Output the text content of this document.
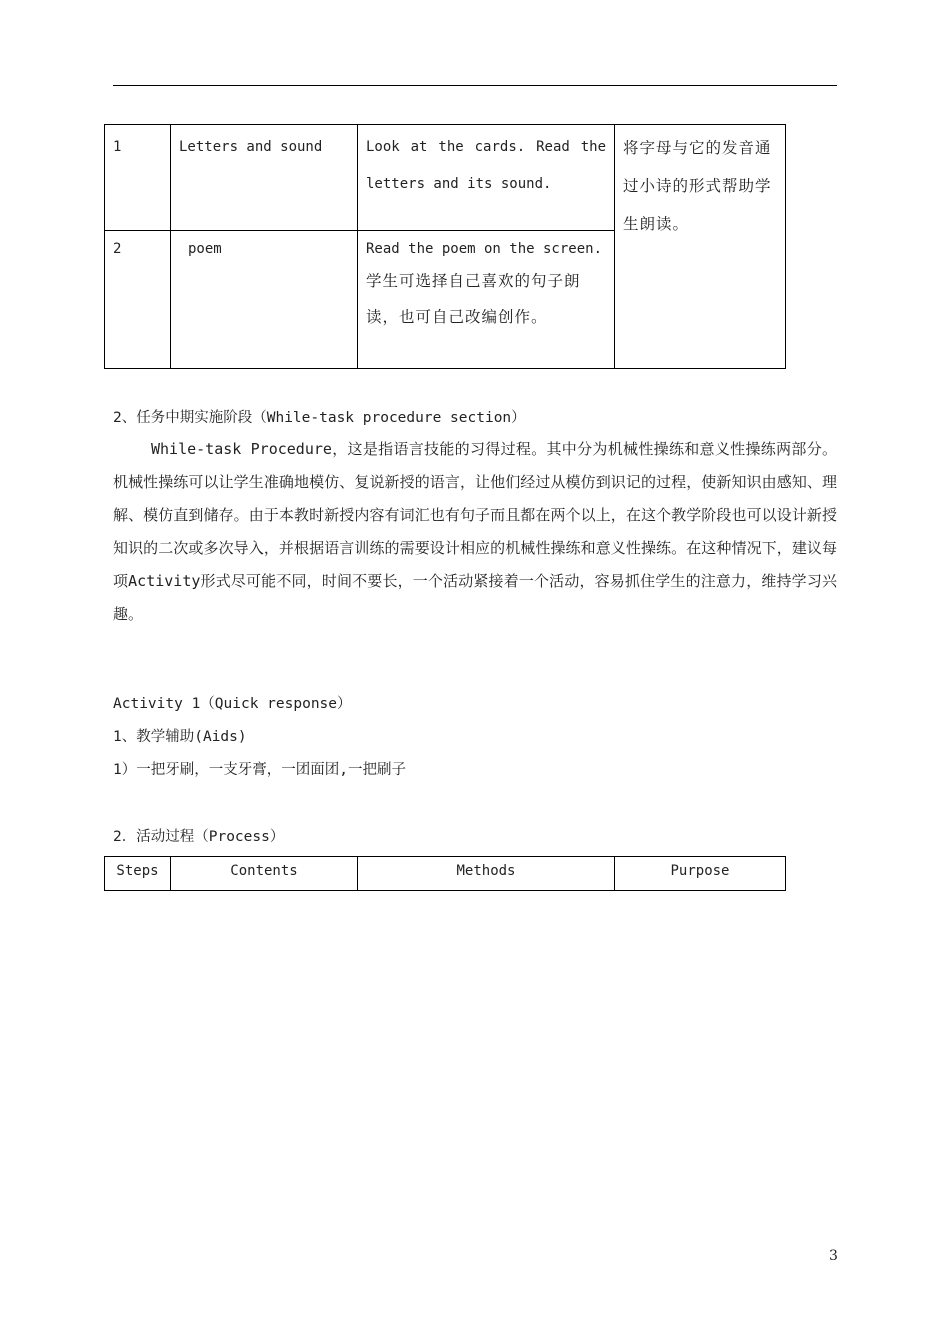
1	Letters and sound	Look at the cards. Read the letters and its sound.	将字母与它的发音通过小诗的形式帮助学生朗读。

2	poem	Read the poem on the screen.
学生可选择自己喜欢的句子朗读，也可自己改编创作。	
2、任务中期实施阶段（While-task procedure section）
While-task Procedure，这是指语言技能的习得过程。其中分为机械性操练和意义性操练两部分。机械性操练可以让学生准确地模仿、复说新授的语言，让他们经过从模仿到识记的过程，使新知识由感知、理解、模仿直到储存。由于本教时新授内容有词汇也有句子而且都在两个以上，在这个教学阶段也可以设计新授知识的二次或多次导入，并根据语言训练的需要设计相应的机械性操练和意义性操练。在这种情况下，建议每项Activity形式尽可能不同，时间不要长，一个活动紧接着一个活动，容易抓住学生的注意力，维持学习兴趣。
Activity 1（Quick response）
1、教学辅助(Aids)
1）一把牙刷，一支牙膏，一团面团,一把刷子
2．活动过程（Process）
Steps	Contents	Methods	Purpose
3
